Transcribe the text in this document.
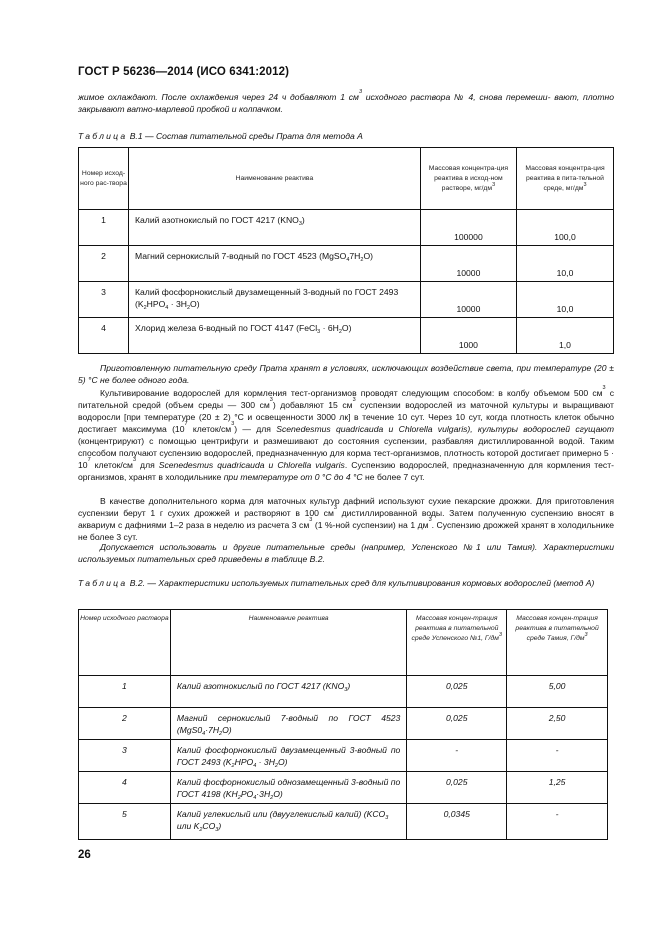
ГОСТ Р 56236—2014 (ИСО 6341:2012)
жимое охлаждают. После охлаждения через 24 ч добавляют 1 $см^3$ исходного раствора № 4, снова перемеши- вают, плотно закрывают ватно-марлевой пробкой и колпачком.
Таблица B.1 — Состав питательной среды Прата для метода А
Номер исход-ного рас-твора	Наименование реактива	Массовая концентра-ция реактива в исход-ном растворе, $мг/дм^3$	Массовая концентра-ция реактива в пита-тельной среде, $мг/дм^3$
1	Калий азотнокислый по ГОСТ 4217 $(KNO_3)$	100000	100,0
2	Магний сернокислый 7-водный по ГОСТ 4523 $(MgSO_47H_2O)$	10000	10,0
3	Калий фосфорнокислый двузамещенный 3-водный по ГОСТ 2493 $(K_2HPO_4 \cdot 3H_2O)$	10000	10,0
4	Хлорид железа 6-водный по ГОСТ 4147 (FeCl$_3$ · $6H_2O$)	1000	1,0
Приготовленную питательную среду Прата хранят в условиях, исключающих воздействие света, при температуре (20 ± 5) °С не более одного года.
Культивирование водорослей для кормления тест-организмов проводят следующим способом: в колбу объемом 500 $см^3$ с питательной средой (объем среды — 300 $см^3$) добавляют 15 $см^3$ суспензии водорослей из маточной культуры и выращивают водоросли [при температуре (20 ± 2) °С и освещенности 3000 лк] в течение 10 сут. Через 10 сут, когда плотность клеток обычно достигает максимума ($10^7$ клеток/$см^3$) — для Scenedesmus quadricauda и Chlorella vulgaris), культуры водорослей сгущают (концентрируют) с помощью центрифуги и размешивают до состояния суспензии, разбавляя дистиллированной водой. Таким способом получают суспензию водорослей, предназначенную для корма тест-организмов, плотность которой достигает примерно $5 \cdot 10^7$ клеток/$см^3$ для Scenedesmus quadricauda и Chlorella vulgaris. Суспензию водорослей, предназначенную для кормления тест-организмов, хранят в холодильнике при температуре от 0 °С до 4 °С не более 7 сут.
В качестве дополнительного корма для маточных культур дафний используют сухие пекарские дрожжи. Для приготовления суспензии берут 1 г сухих дрожжей и растворяют в 100 $см^3$ дистиллированной воды. Затем полученную суспензию вносят в аквариум с дафниями 1–2 раза в неделю из расчета 3 $см^3$ (1 %-ной суспензии) на 1 $дм^3$. Суспензию дрожжей хранят в холодильнике не более 3 сут.
Допускается использовать и другие питательные среды (например, Успенского №1 или Тамия). Характеристики используемых питательных сред приведены в таблице В.2.
Таблица В.2. — Характеристики используемых питательных сред для культивирования кормовых водорослей (метод А)
Номер исходного раствора	Наименование реактива	Массовая концен-трация реактива в питательной среде Успенского №1, $Г/дм^3$	Массовая концен-трация реактива в питательной среде Тамия, $Г/дм^3$
1	Калий азотнокислый по ГОСТ 4217 $(KNO_3)$	0,025	5,00
2	Магний сернокислый 7-водный по ГОСТ 4523 $(MgS0_4\cdot 7H_2O)$	0,025	2,50
3	Калий фосфорнокислый двузамещенный 3-водный по ГОСТ 2493 $(K_2HPO_4 \cdot 3H_2O)$	-	-
4	Калий фосфорнокислый однозамещенный 3-водный по ГОСТ 4198 $(KH_2PO_4\cdot 3H_2O)$	0,025	1,25
5	Калий углекислый или (двууглекислый калий) ($KCO_3$ или $K_2CO_3$)	0,0345	-
26
